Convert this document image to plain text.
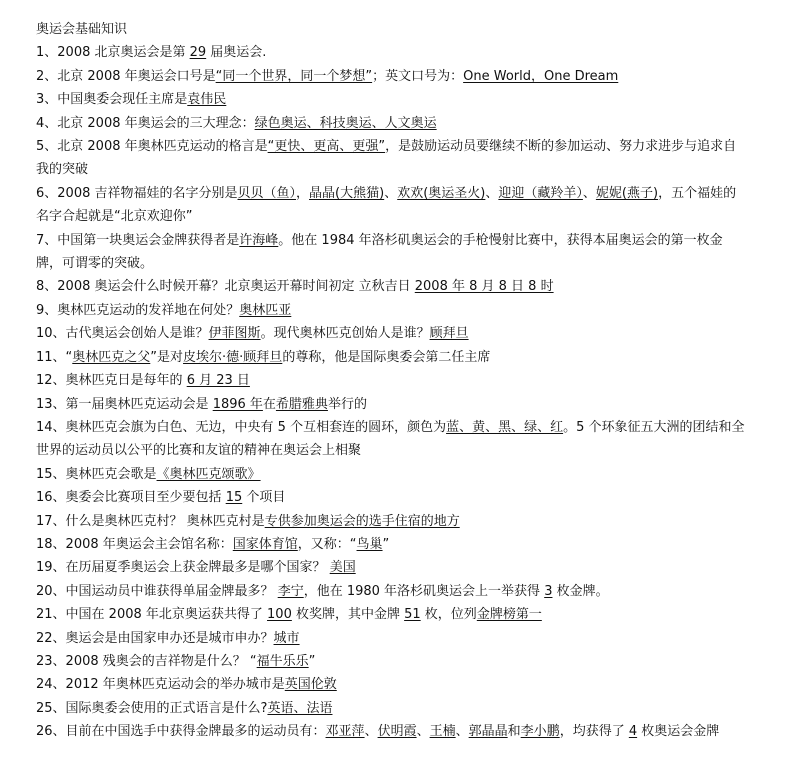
奥运会基础知识

1、2008 北京奥运会是第 29 届奥运会.

2、北京 2008 年奥运会口号是“同一个世界，同一个梦想”；英文口号为：One World，One Dream

3、中国奥委会现任主席是袁伟民

4、北京 2008 年奥运会的三大理念：绿色奥运、科技奥运、人文奥运

5、北京 2008 年奥林匹克运动的格言是“更快、更高、更强”，是鼓励运动员要继续不断的参加运动、努力求进步与追求自我的突破

6、2008 吉祥物福娃的名字分别是贝贝（鱼），晶晶(大熊猫)、欢欢(奥运圣火)、迎迎（藏羚羊）、妮妮(燕子)，五个福娃的名字合起就是“北京欢迎你”

7、中国第一块奥运会金牌获得者是许海峰。他在 1984 年洛杉矶奥运会的手枪慢射比赛中，获得本届奥运会的第一枚金牌，可谓零的突破。

8、2008 奥运会什么时候开幕？北京奥运开幕时间初定 立秋吉日 2008 年 8 月 8 日 8 时

9、奥林匹克运动的发祥地在何处？奥林匹亚

10、古代奥运会创始人是谁？伊菲图斯。现代奥林匹克创始人是谁？顾拜旦

11、“奥林匹克之父”是对皮埃尔·德·顾拜旦的尊称，他是国际奥委会第二任主席

12、奥林匹克日是每年的 6 月 23 日

13、第一届奥林匹克运动会是 1896 年在希腊雅典举行的

14、奥林匹克会旗为白色、无边，中央有 5 个互相套连的圆环，颜色为蓝、黄、黑、绿、红。5 个环象征五大洲的团结和全世界的运动员以公平的比赛和友谊的精神在奥运会上相聚

15、奥林匹克会歌是《奥林匹克颂歌》

16、奥委会比赛项目至少要包括 15 个项目

17、什么是奥林匹克村？ 奥林匹克村是专供参加奥运会的选手住宿的地方

18、2008 年奥运会主会馆名称：国家体育馆，又称：“鸟巢”

19、在历届夏季奥运会上获金牌最多是哪个国家？ 美国

20、中国运动员中谁获得单届金牌最多？ 李宁，他在 1980 年洛杉矶奥运会上一举获得 3 枚金牌。

21、中国在 2008 年北京奥运获共得了 100 枚奖牌，其中金牌 51 枚，位列金牌榜第一

22、奥运会是由国家申办还是城市申办？城市

23、2008 残奥会的吉祥物是什么？ “福牛乐乐”

24、2012 年奥林匹克运动会的举办城市是英国伦敦

25、国际奥委会使用的正式语言是什么?英语、法语

26、目前在中国选手中获得金牌最多的运动员有：邓亚萍、伏明霞、王楠、郭晶晶和李小鹏，均获得了 4 枚奥运会金牌
